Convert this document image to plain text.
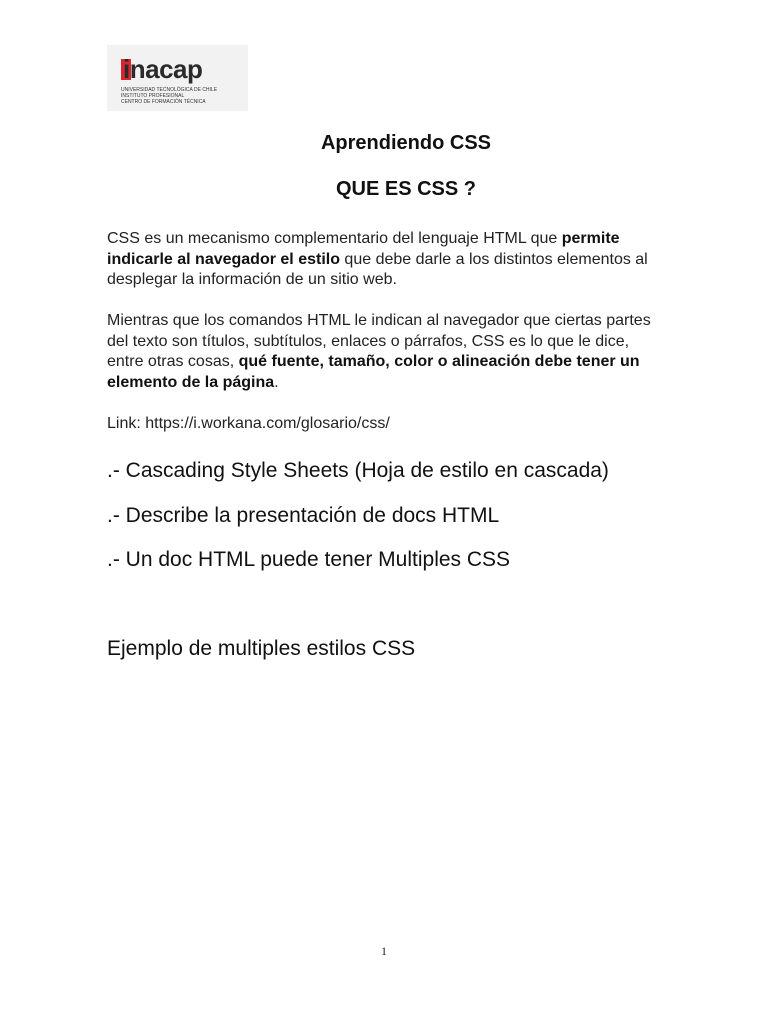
inacap
UNIVERSIDAD TECNOLÓGICA DE CHILE
INSTITUTO PROFESIONAL
CENTRO DE FORMACIÓN TÉCNICA
Aprendiendo CSS
QUE ES CSS ?
CSS es un mecanismo complementario del lenguaje HTML que permite indicarle al navegador el estilo que debe darle a los distintos elementos al desplegar la información de un sitio web.
Mientras que los comandos HTML le indican al navegador que ciertas partes del texto son títulos, subtítulos, enlaces o párrafos, CSS es lo que le dice, entre otras cosas, qué fuente, tamaño, color o alineación debe tener un elemento de la página.
Link: https://i.workana.com/glosario/css/
.- Cascading Style Sheets (Hoja de estilo en cascada)
.- Describe la presentación de docs HTML
.- Un doc HTML puede tener Multiples CSS
Ejemplo de multiples estilos CSS
1
